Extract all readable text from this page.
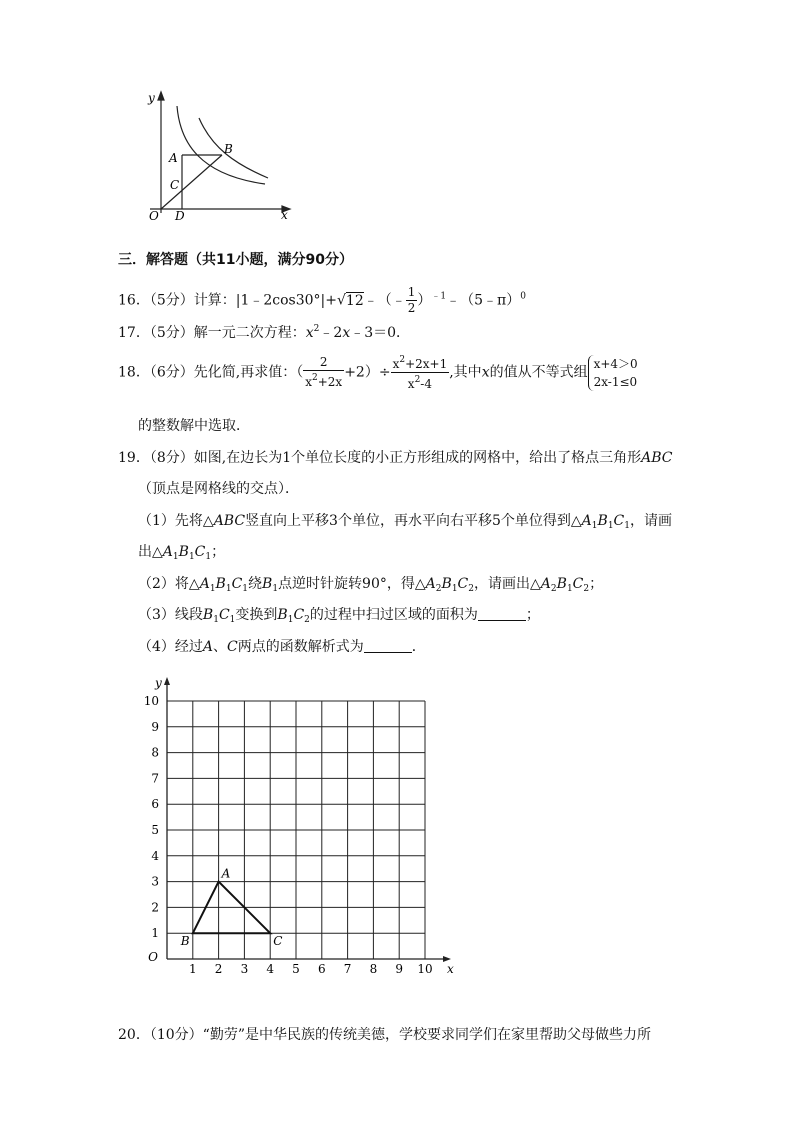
y
x
O
A
B
C
D
三．解答题（共11小题，满分90分）
16．（5分）计算：|1﹣2cos30°|+√12﹣（﹣ $\frac{1}{2}$ ）$^{﹣1}$﹣（5﹣π）$^0$
17．（5分）解一元二次方程：$x^2﹣2x﹣3=0$．
18．（6分）先化简,再求值：（ $\frac{2}{x^2+2x} +2)\div \frac{x^2+2x+1}{x^2-4}$ ,其中x的值从不等式组
x+4＞0
2x-1≤0
的整数解中选取．
19．（8分）如图,在边长为1个单位长度的小正方形组成的网格中，给出了格点三角形ABC
（顶点是网格线的交点）．
（1）先将△ABC竖直向上平移3个单位，再水平向右平移5个单位得到$\triangle A_1B_1C_1$，请画
出$\triangle A_1B_1C_1$；
（2）将$\triangle A_1B_1C_1$绕$B_1$点逆时针旋转90°，得$\triangle A_2B_1C_2$，请画出$\triangle A_2B_1C_2$；
（3）线段$B_1C_1$变换到$B_1C_2$的过程中扫过区域的面积为	；
（4）经过A、C两点的函数解析式为	．
1 2 3 4 5 6 7 8 9 10
1
2
3
4
5
6
7
8
9
10
O
x
y
A
B	C
20．（10分）“勤劳”是中华民族的传统美德，学校要求同学们在家里帮助父母做些力所
